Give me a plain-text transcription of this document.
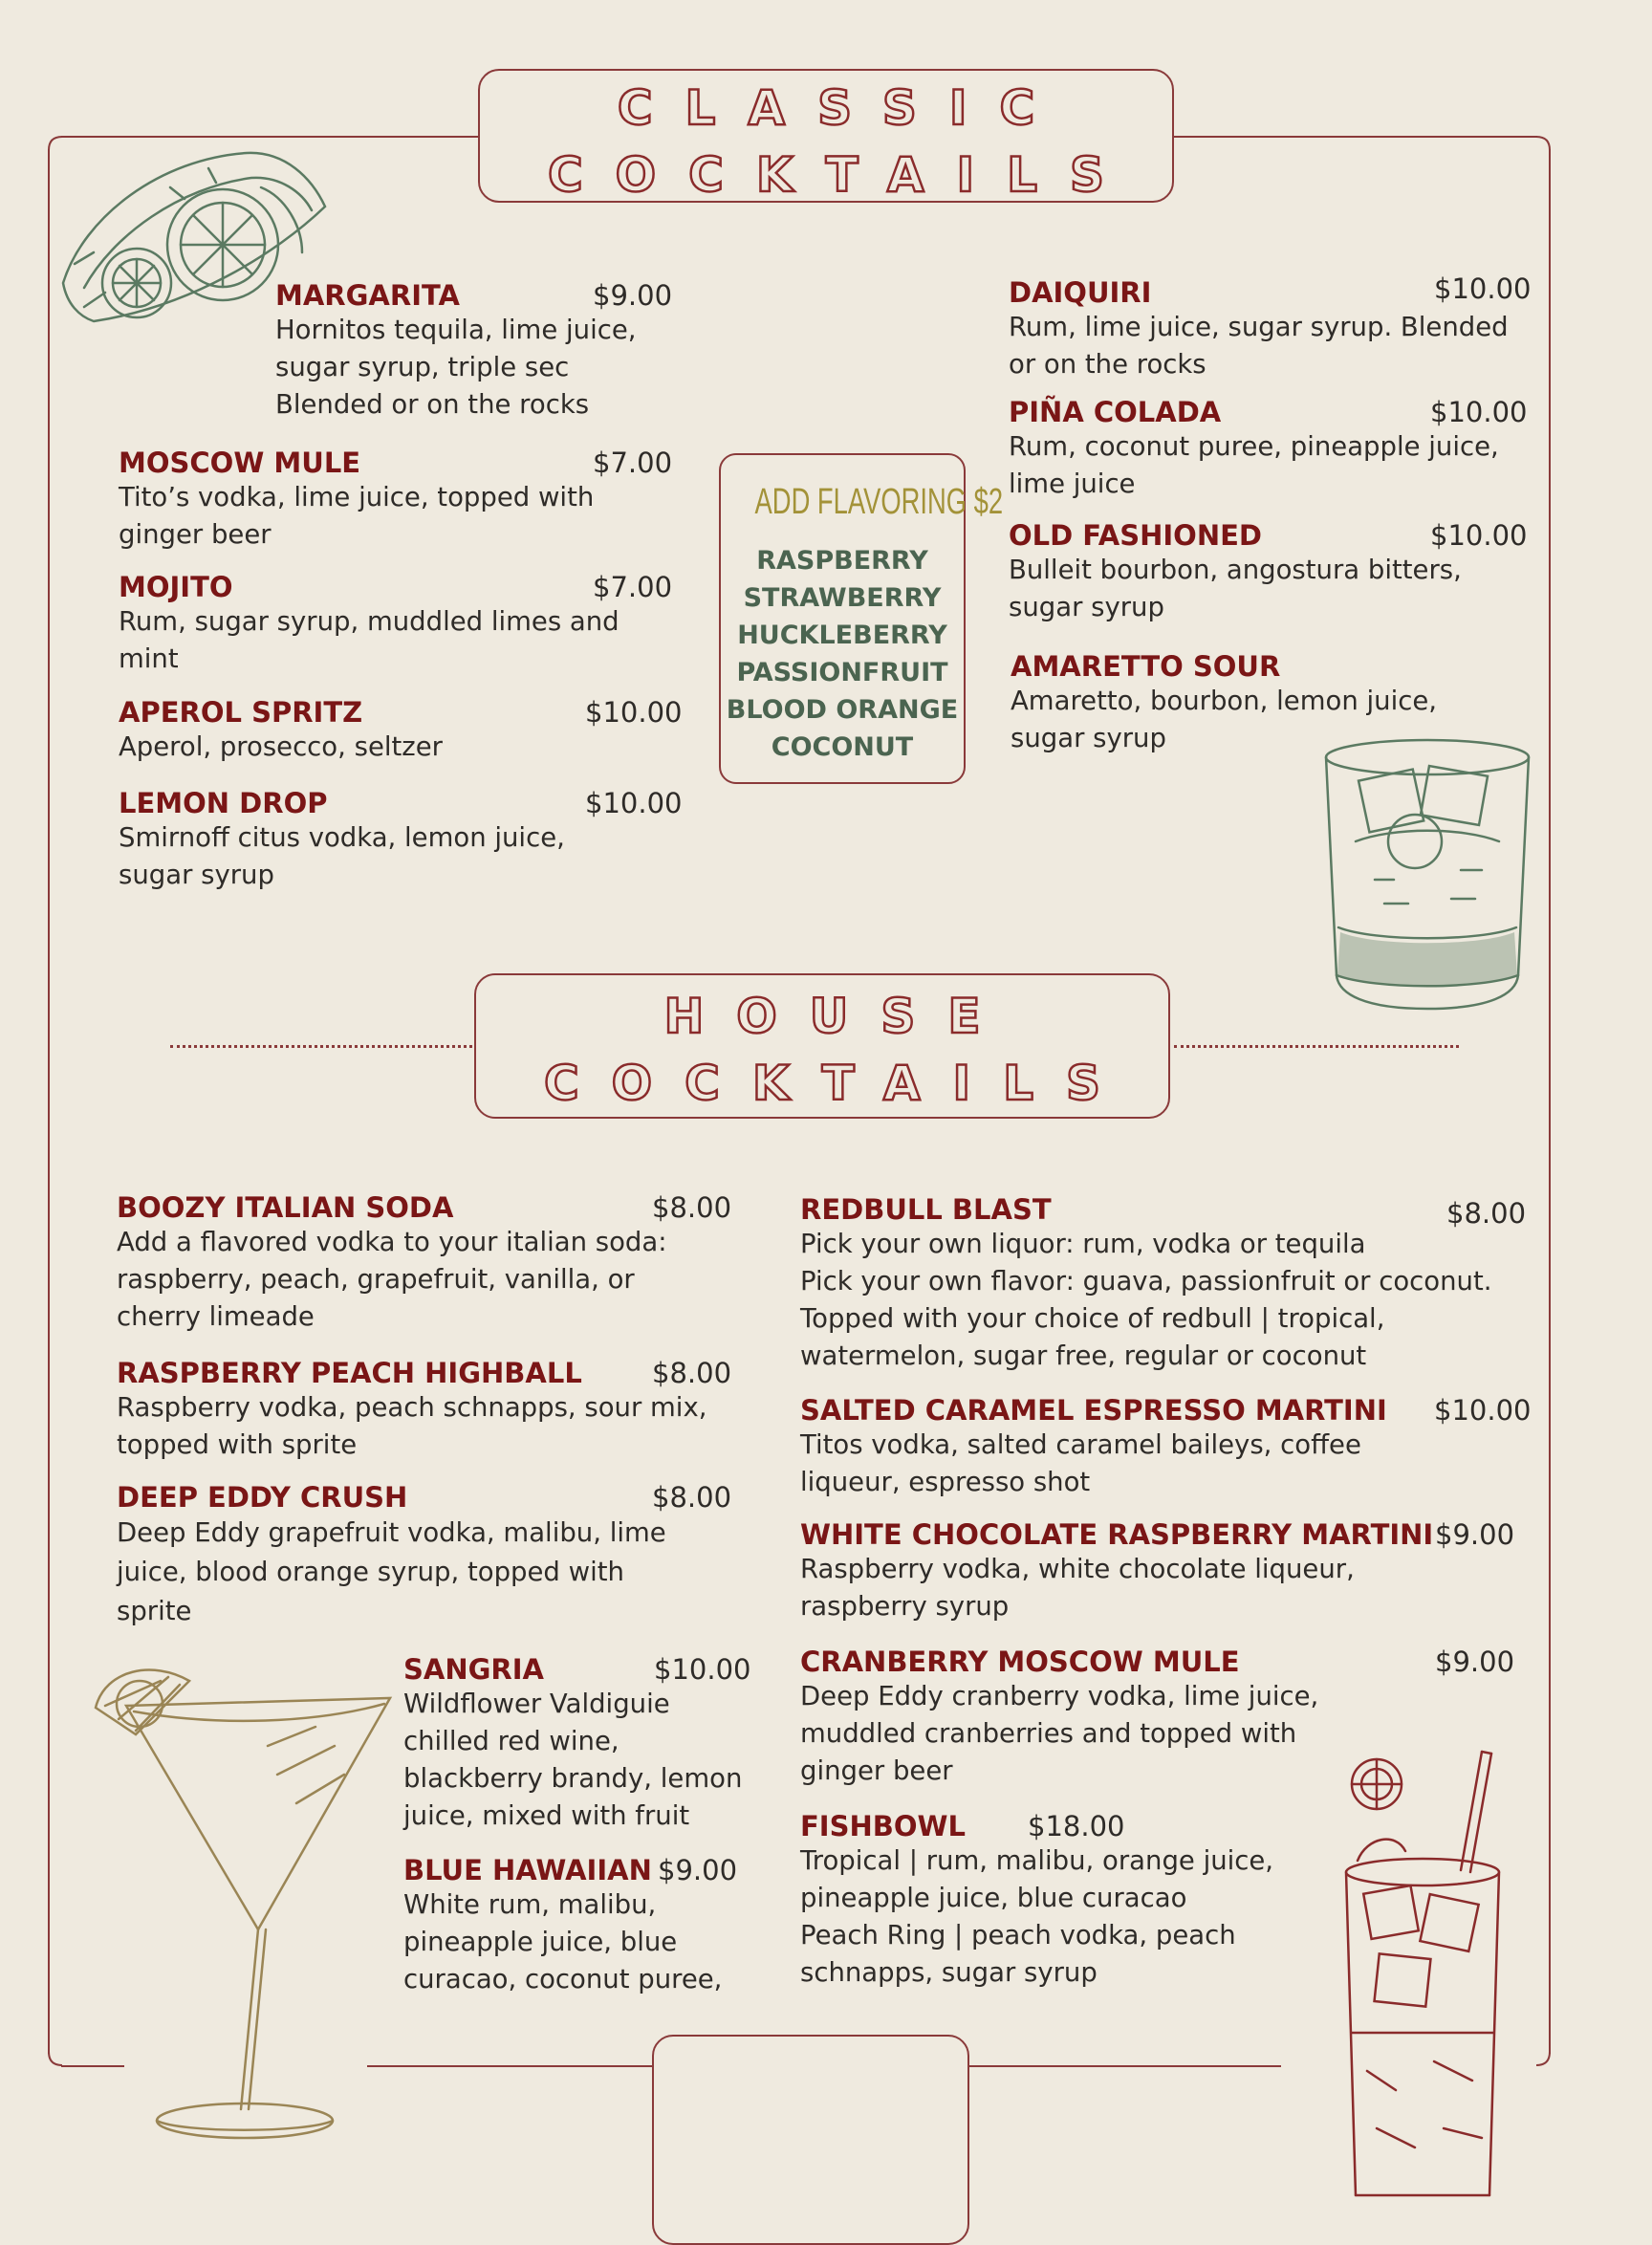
CLASSIC
COCKTAILS
MARGARITA	$9.00
Hornitos tequila, lime juice,
sugar syrup, triple sec
Blended or on the rocks
MOSCOW MULE	$7.00
Tito’s vodka, lime juice, topped with
ginger beer
MOJITO	$7.00
Rum, sugar syrup, muddled limes and
mint
APEROL SPRITZ	$10.00
Aperol, prosecco, seltzer
LEMON DROP	$10.00
Smirnoff citus vodka, lemon juice,
sugar syrup
DAIQUIRI	$10.00
Rum, lime juice, sugar syrup. Blended
or on the rocks
PIÑA COLADA	$10.00
Rum, coconut puree, pineapple juice,
lime juice
OLD FASHIONED	$10.00
Bulleit bourbon, angostura bitters,
sugar syrup
AMARETTO SOUR
Amaretto, bourbon, lemon juice,
sugar syrup
ADD FLAVORING $2
RASPBERRY
STRAWBERRY
HUCKLEBERRY
PASSIONFRUIT
BLOOD ORANGE
COCONUT
HOUSE
COCKTAILS
BOOZY ITALIAN SODA	$8.00
Add a flavored vodka to your italian soda:
raspberry, peach, grapefruit, vanilla, or
cherry limeade
RASPBERRY PEACH HIGHBALL	$8.00
Raspberry vodka, peach schnapps, sour mix,
topped with sprite
DEEP EDDY CRUSH	$8.00
Deep Eddy grapefruit vodka, malibu, lime
juice, blood orange syrup, topped with
sprite
SANGRIA	$10.00
Wildflower Valdiguie
chilled red wine,
blackberry brandy, lemon
juice, mixed with fruit
BLUE HAWAIIAN $9.00
White rum, malibu,
pineapple juice, blue
curacao, coconut puree,
REDBULL BLAST	$8.00
Pick your own liquor: rum, vodka or tequila
Pick your own flavor: guava, passionfruit or coconut.
Topped with your choice of redbull | tropical,
watermelon, sugar free, regular or coconut
SALTED CARAMEL ESPRESSO MARTINI $10.00
Titos vodka, salted caramel baileys, coffee
liqueur, espresso shot
WHITE CHOCOLATE RASPBERRY MARTINI $9.00
Raspberry vodka, white chocolate liqueur,
raspberry syrup
CRANBERRY MOSCOW MULE	$9.00
Deep Eddy cranberry vodka, lime juice,
muddled cranberries and topped with
ginger beer
FISHBOWL $18.00
Tropical | rum, malibu, orange juice,
pineapple juice, blue curacao
Peach Ring | peach vodka, peach
schnapps, sugar syrup
